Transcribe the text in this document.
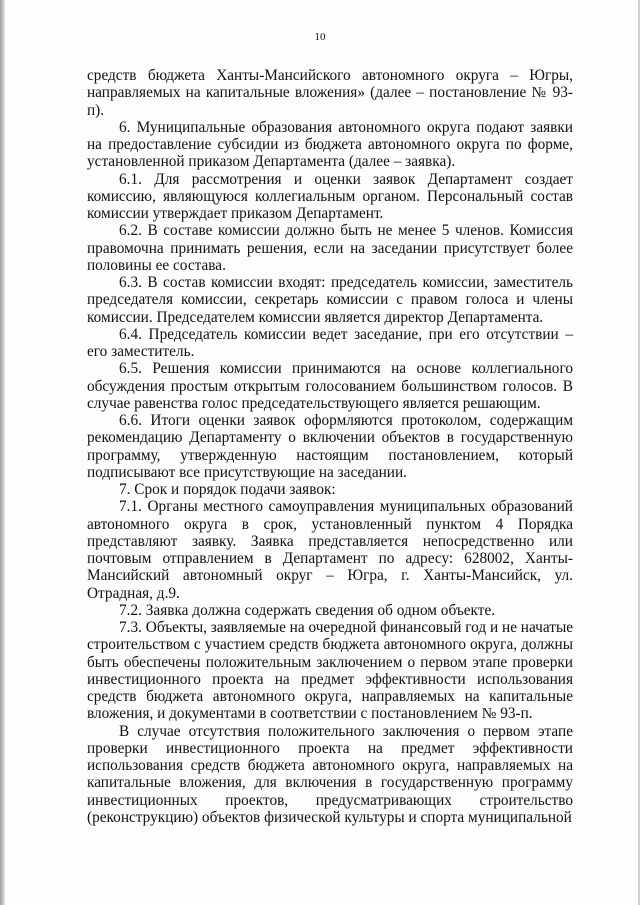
10

средств бюджета Ханты-Мансийского автономного округа – Югры, направляемых на капитальные вложения» (далее – постановление № 93-п).

6. Муниципальные образования автономного округа подают заявки на предоставление субсидии из бюджета автономного округа по форме, установленной приказом Департамента (далее – заявка).

6.1. Для рассмотрения и оценки заявок Департамент создает комиссию, являющуюся коллегиальным органом. Персональный состав комиссии утверждает приказом Департамент.

6.2. В составе комиссии должно быть не менее 5 членов. Комиссия правомочна принимать решения, если на заседании присутствует более половины ее состава.

6.3. В состав комиссии входят: председатель комиссии, заместитель председателя комиссии, секретарь комиссии с правом голоса и члены комиссии. Председателем комиссии является директор Департамента.

6.4. Председатель комиссии ведет заседание, при его отсутствии – его заместитель.

6.5. Решения комиссии принимаются на основе коллегиального обсуждения простым открытым голосованием большинством голосов. В случае равенства голос председательствующего является решающим.

6.6. Итоги оценки заявок оформляются протоколом, содержащим рекомендацию Департаменту о включении объектов в государственную программу, утвержденную настоящим постановлением, который подписывают все присутствующие на заседании.

7. Срок и порядок подачи заявок:

7.1. Органы местного самоуправления муниципальных образований автономного округа в срок, установленный пунктом 4 Порядка представляют заявку. Заявка представляется непосредственно или почтовым отправлением в Департамент по адресу: 628002, Ханты-Мансийский автономный округ – Югра, г. Ханты-Мансийск, ул. Отрадная, д.9.

7.2. Заявка должна содержать сведения об одном объекте.

7.3. Объекты, заявляемые на очередной финансовый год и не начатые строительством с участием средств бюджета автономного округа, должны быть обеспечены положительным заключением о первом этапе проверки инвестиционного проекта на предмет эффективности использования средств бюджета автономного округа, направляемых на капитальные вложения, и документами в соответствии с постановлением № 93-п.

В случае отсутствия положительного заключения о первом этапе проверки инвестиционного проекта на предмет эффективности использования средств бюджета автономного округа, направляемых на капитальные вложения, для включения в государственную программу инвестиционных проектов, предусматривающих строительство (реконструкцию) объектов физической культуры и спорта муниципальной
